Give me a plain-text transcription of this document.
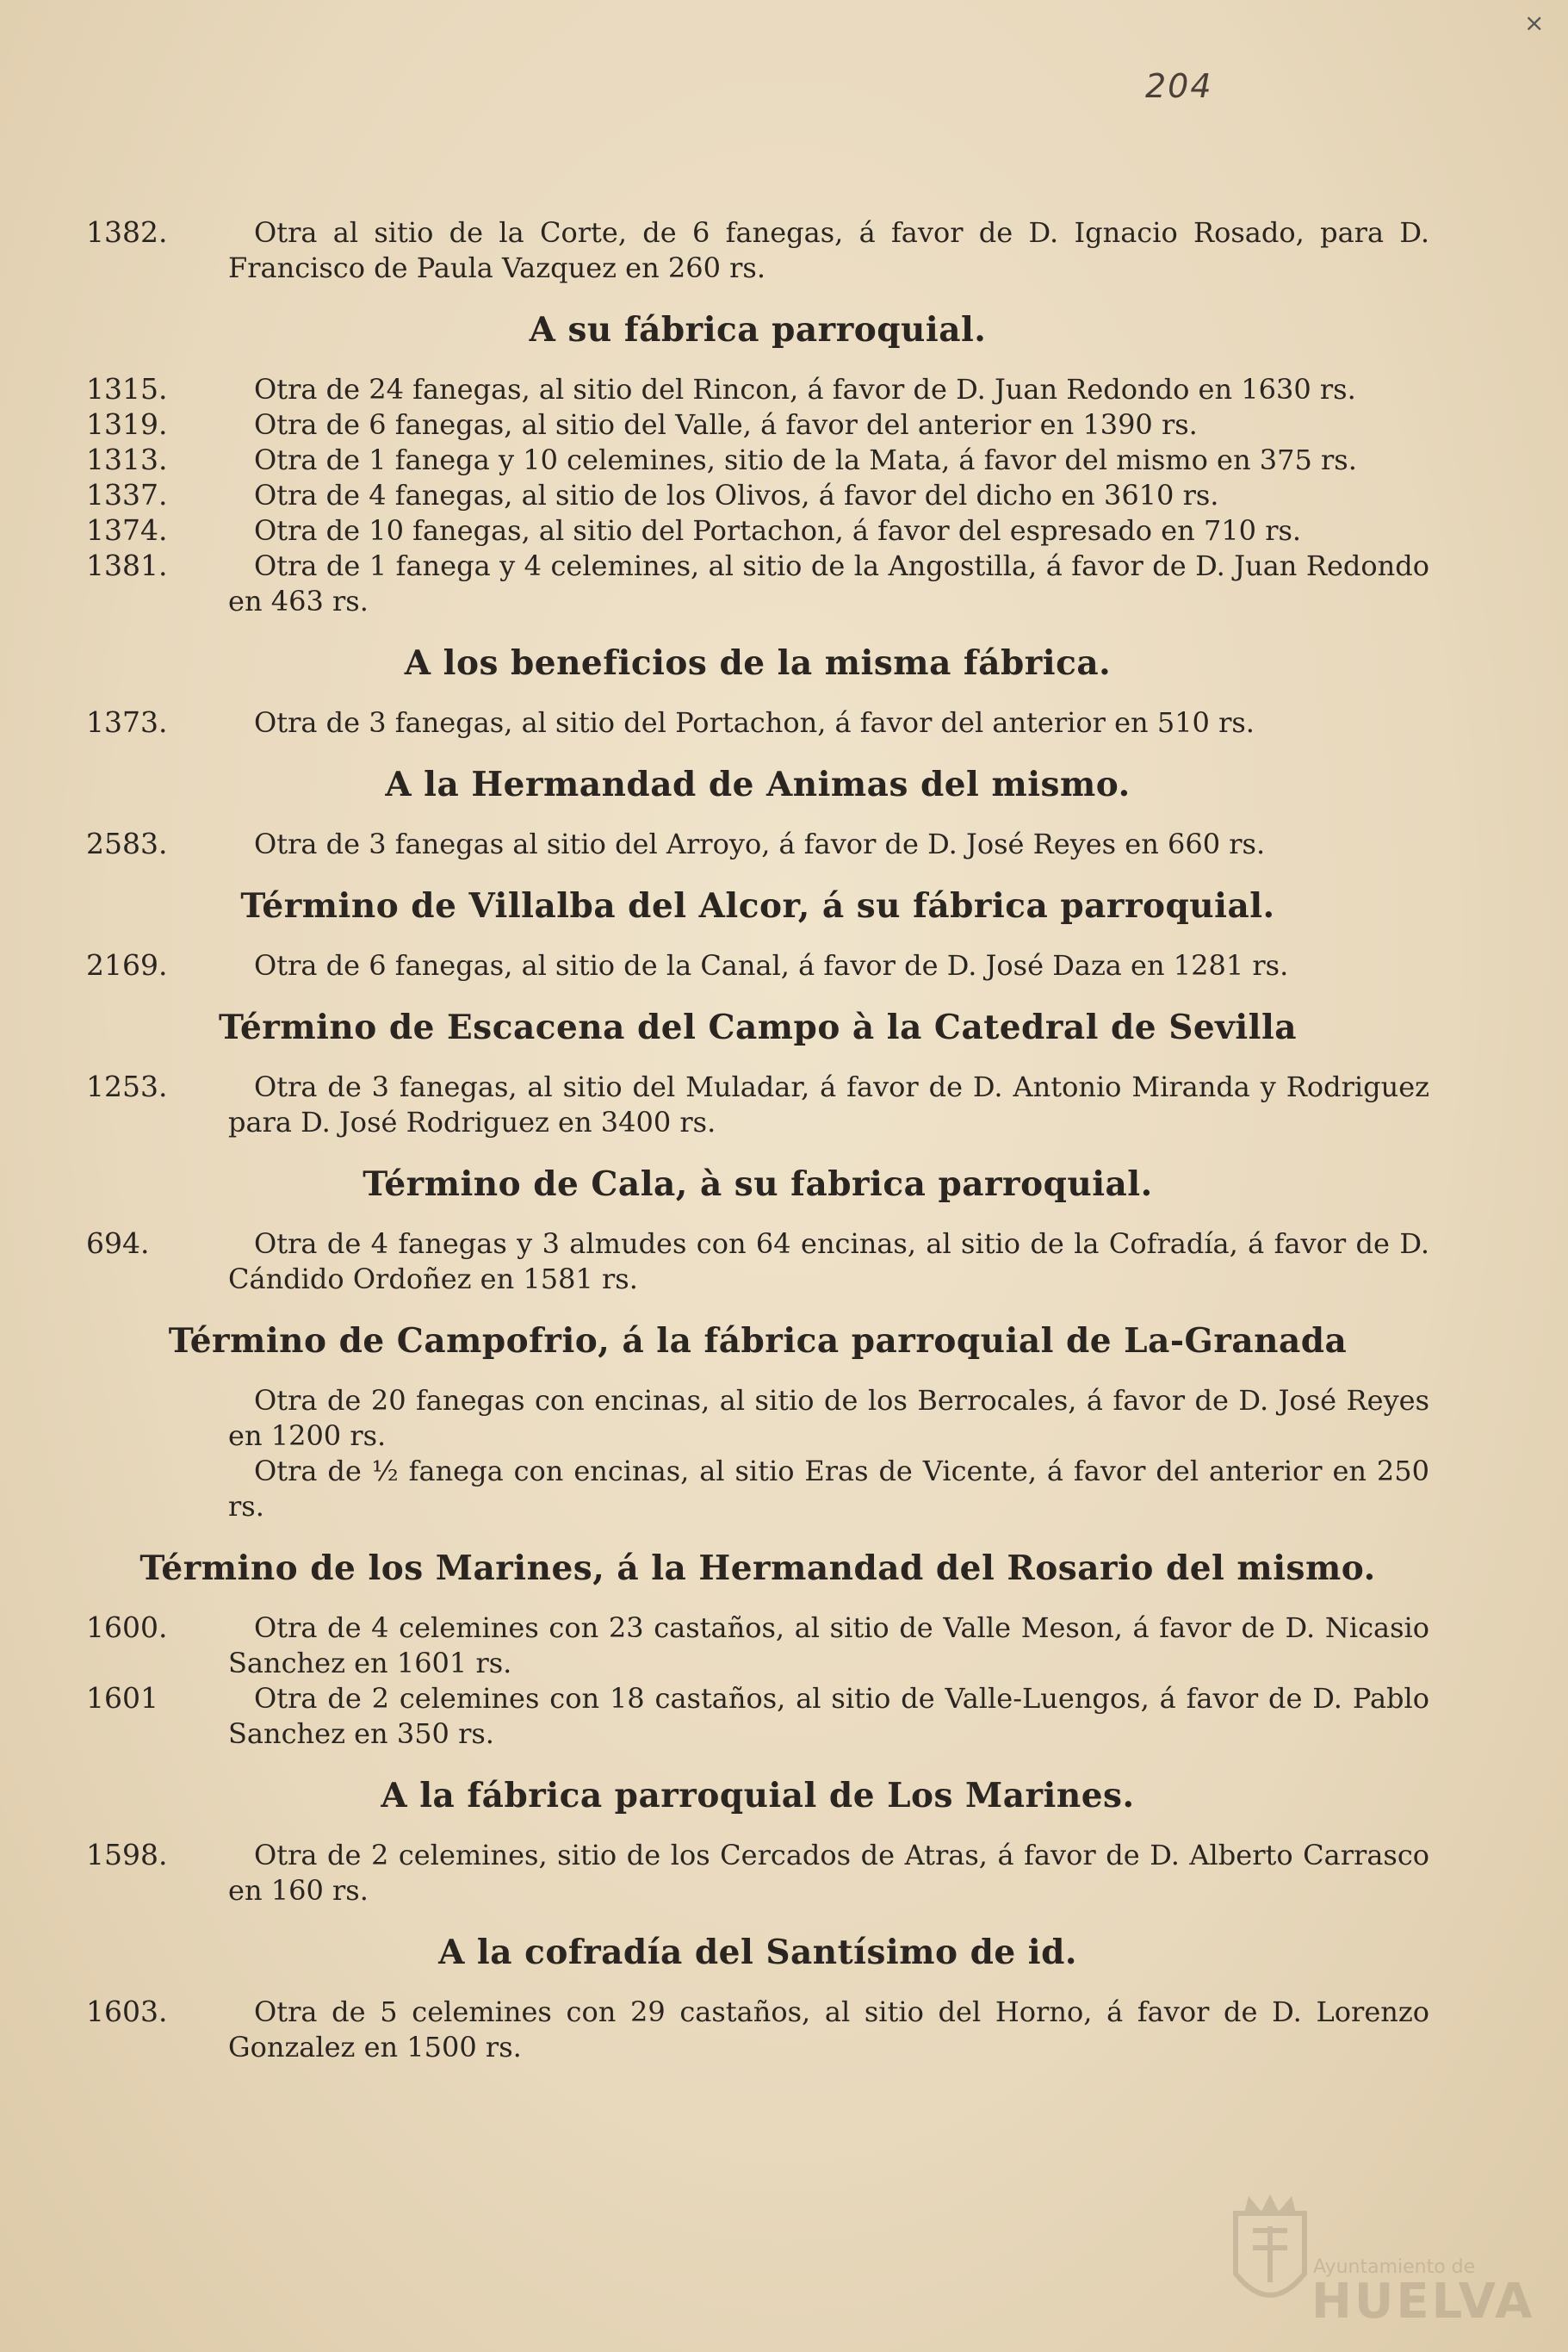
204
×
1382.	Otra al sitio de la Corte, de 6 fanegas, á favor de D. Ignacio Rosado, para D. Francisco de Paula Vazquez en 260 rs.
A su fábrica parroquial.
1315.	Otra de 24 fanegas, al sitio del Rincon, á favor de D. Juan Redondo en 1630 rs.
1319.	Otra de 6 fanegas, al sitio del Valle, á favor del anterior en 1390 rs.
1313.	Otra de 1 fanega y 10 celemines, sitio de la Mata, á favor del mismo en 375 rs.
1337.	Otra de 4 fanegas, al sitio de los Olivos, á favor del dicho en 3610 rs.
1374.	Otra de 10 fanegas, al sitio del Portachon, á favor del espresado en 710 rs.
1381.	Otra de 1 fanega y 4 celemines, al sitio de la Angostilla, á favor de D. Juan Redondo en 463 rs.
A los beneficios de la misma fábrica.
1373.	Otra de 3 fanegas, al sitio del Portachon, á favor del anterior en 510 rs.
A la Hermandad de Animas del mismo.
2583.	Otra de 3 fanegas al sitio del Arroyo, á favor de D. José Reyes en 660 rs.
Término de Villalba del Alcor, á su fábrica parroquial.
2169.	Otra de 6 fanegas, al sitio de la Canal, á favor de D. José Daza en 1281 rs.
Término de Escacena del Campo à la Catedral de Sevilla
1253.	Otra de 3 fanegas, al sitio del Muladar, á favor de D. Antonio Miranda y Rodriguez para D. José Rodriguez en 3400 rs.
Término de Cala, à su fabrica parroquial.
694.	Otra de 4 fanegas y 3 almudes con 64 encinas, al sitio de la Cofradía, á favor de D. Cándido Ordoñez en 1581 rs.
Término de Campofrio, á la fábrica parroquial de La-Granada
Otra de 20 fanegas con encinas, al sitio de los Berrocales, á favor de D. José Reyes en 1200 rs.
Otra de ½ fanega con encinas, al sitio Eras de Vicente, á favor del anterior en 250 rs.
Término de los Marines, á la Hermandad del Rosario del mismo.
1600.	Otra de 4 celemines con 23 castaños, al sitio de Valle Meson, á favor de D. Nicasio Sanchez en 1601 rs.
1601	Otra de 2 celemines con 18 castaños, al sitio de Valle-Luengos, á favor de D. Pablo Sanchez en 350 rs.
A la fábrica parroquial de Los Marines.
1598.	Otra de 2 celemines, sitio de los Cercados de Atras, á favor de D. Alberto Carrasco en 160 rs.
A la cofradía del Santísimo de id.
1603.	Otra de 5 celemines con 29 castaños, al sitio del Horno, á favor de D. Lorenzo Gonzalez en 1500 rs.
Ayuntamiento de
HUELVA
